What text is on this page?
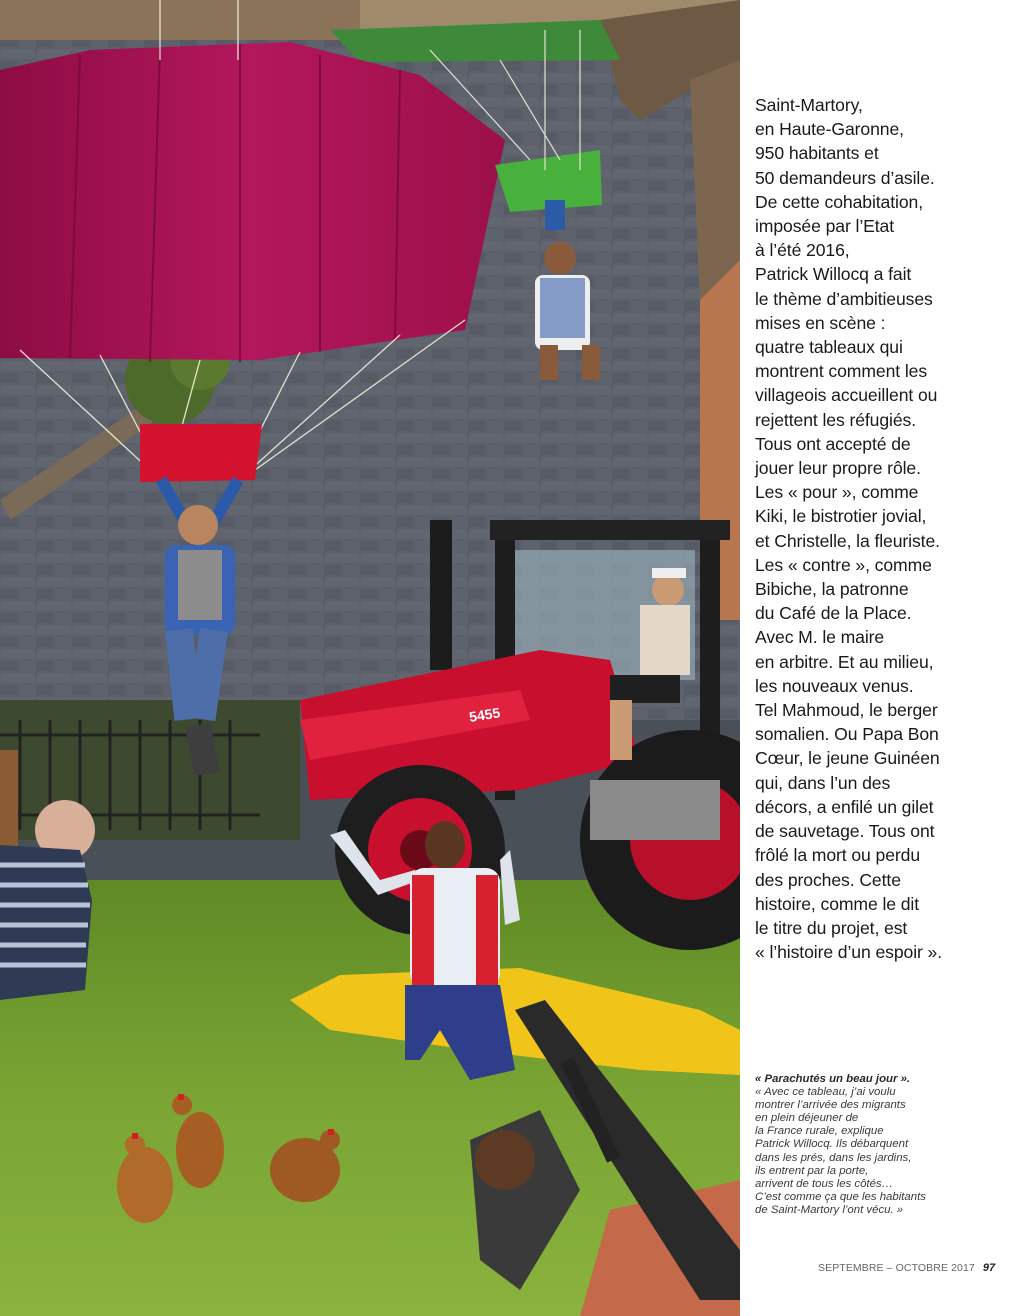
5455
Saint-Martory,
en Haute-Garonne,
950 habitants et
50 demandeurs d’asile.
De cette cohabitation,
imposée par l’Etat
à l’été 2016,
Patrick Willocq a fait
le thème d’ambitieuses
mises en scène :
quatre tableaux qui
montrent comment les
villageois accueillent ou
rejettent les réfugiés.
Tous ont accepté de
jouer leur propre rôle.
Les « pour », comme
Kiki, le bistrotier jovial,
et Christelle, la fleuriste.
Les « contre », comme
Bibiche, la patronne
du Café de la Place.
Avec M. le maire
en arbitre. Et au milieu,
les nouveaux venus.
Tel Mahmoud, le berger
somalien. Ou Papa Bon
Cœur, le jeune Guinéen
qui, dans l’un des
décors, a enfilé un gilet
de sauvetage. Tous ont
frôlé la mort ou perdu
des proches. Cette
histoire, comme le dit
le titre du projet, est
« l’histoire d’un espoir ».
« Parachutés un beau jour ».
« Avec ce tableau, j’ai voulu
montrer l’arrivée des migrants
en plein déjeuner de
la France rurale, explique
Patrick Willocq. Ils débarquent
dans les prés, dans les jardins,
ils entrent par la porte,
arrivent de tous les côtés…
C’est comme ça que les habitants
de Saint-Martory l’ont vécu. »
SEPTEMBRE – OCTOBRE 2017 97
